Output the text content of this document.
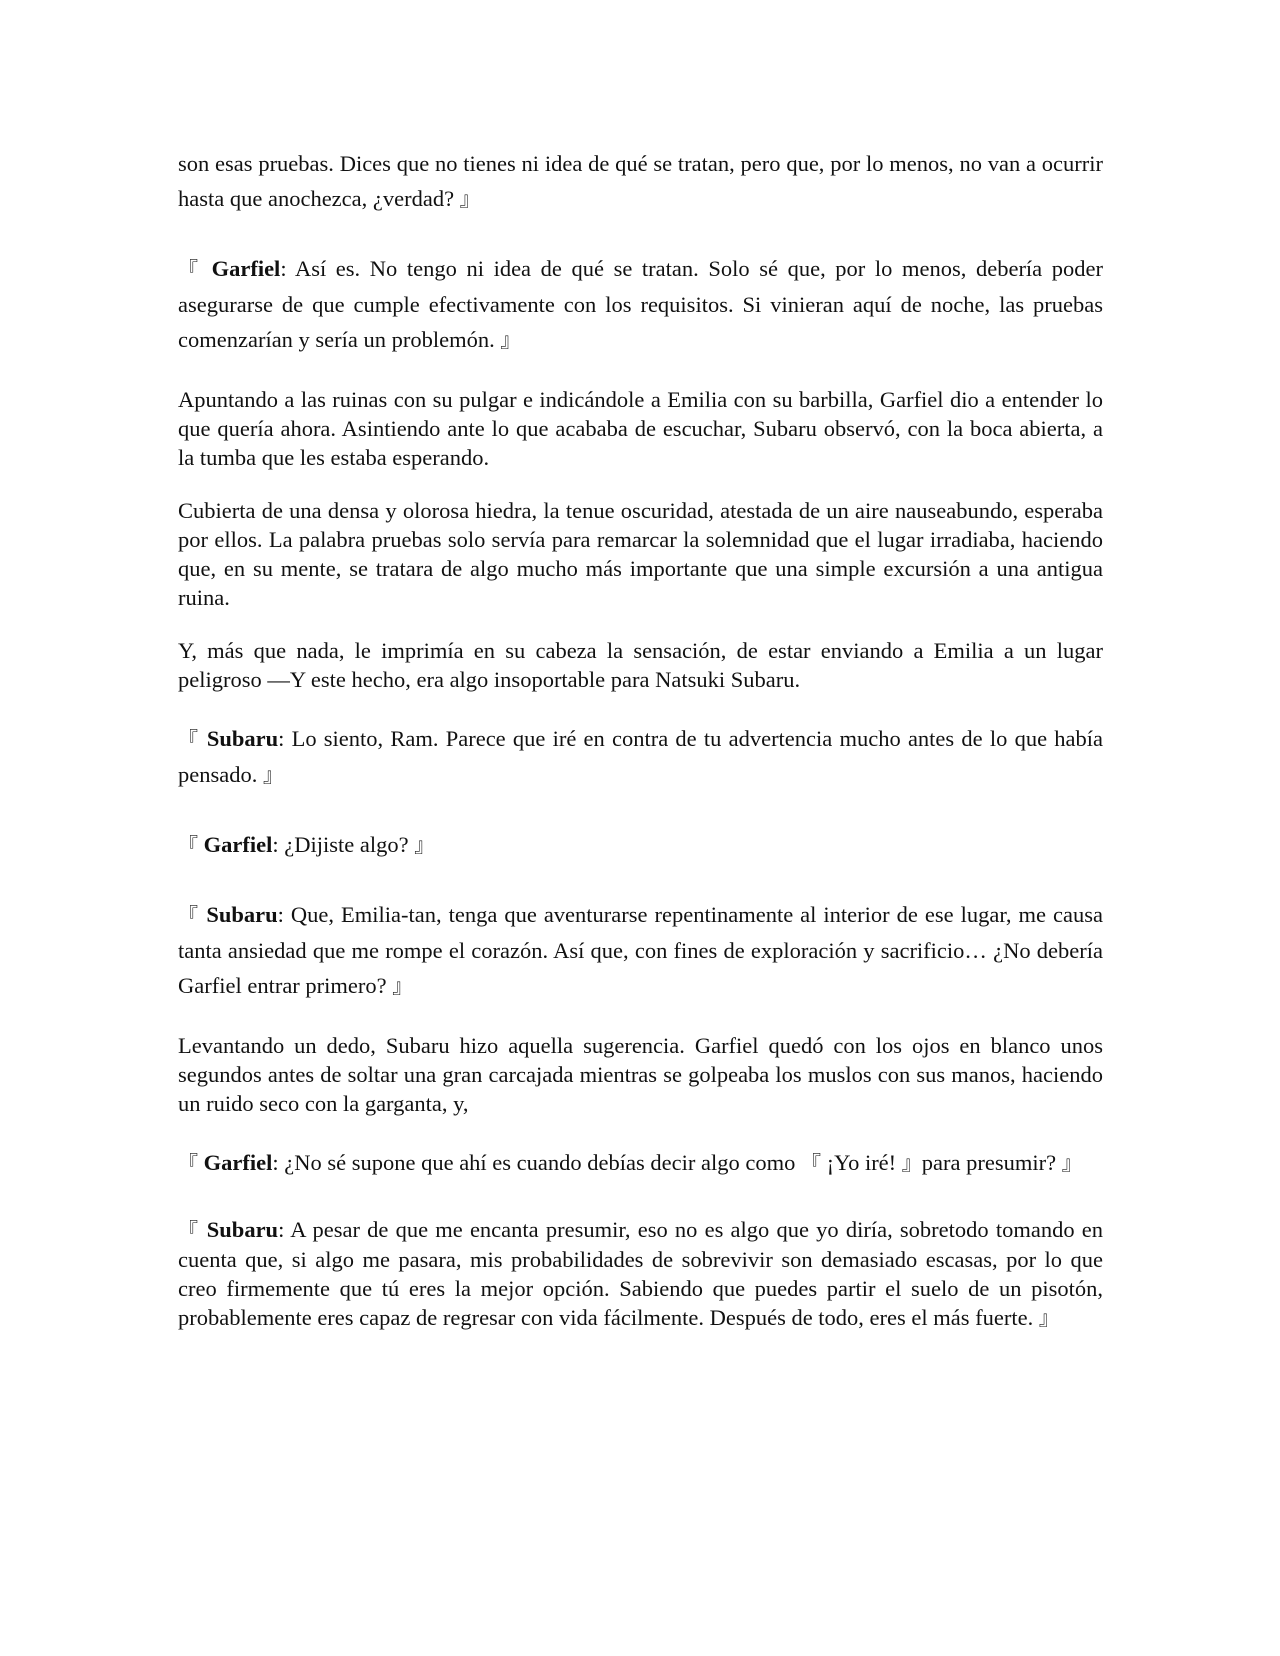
son esas pruebas. Dices que no tienes ni idea de qué se tratan, pero que, por lo menos, no van a ocurrir hasta que anochezca, ¿verdad? 』

『 Garfiel: Así es. No tengo ni idea de qué se tratan. Solo sé que, por lo menos, debería poder asegurarse de que cumple efectivamente con los requisitos. Si vinieran aquí de noche, las pruebas comenzarían y sería un problemón. 』

Apuntando a las ruinas con su pulgar e indicándole a Emilia con su barbilla, Garfiel dio a entender lo que quería ahora. Asintiendo ante lo que acababa de escuchar, Subaru observó, con la boca abierta, a la tumba que les estaba esperando.

Cubierta de una densa y olorosa hiedra, la tenue oscuridad, atestada de un aire nauseabundo, esperaba por ellos. La palabra pruebas solo servía para remarcar la solemnidad que el lugar irradiaba, haciendo que, en su mente, se tratara de algo mucho más importante que una simple excursión a una antigua ruina.

Y, más que nada, le imprimía en su cabeza la sensación, de estar enviando a Emilia a un lugar peligroso —Y este hecho, era algo insoportable para Natsuki Subaru.

『 Subaru: Lo siento, Ram. Parece que iré en contra de tu advertencia mucho antes de lo que había pensado. 』

『 Garfiel: ¿Dijiste algo? 』

『 Subaru: Que, Emilia-tan, tenga que aventurarse repentinamente al interior de ese lugar, me causa tanta ansiedad que me rompe el corazón. Así que, con fines de exploración y sacrificio… ¿No debería Garfiel entrar primero? 』

Levantando un dedo, Subaru hizo aquella sugerencia. Garfiel quedó con los ojos en blanco unos segundos antes de soltar una gran carcajada mientras se golpeaba los muslos con sus manos, haciendo un ruido seco con la garganta, y,

『 Garfiel: ¿No sé supone que ahí es cuando debías decir algo como 『 ¡Yo iré! 』para presumir? 』

『 Subaru: A pesar de que me encanta presumir, eso no es algo que yo diría, sobretodo tomando en cuenta que, si algo me pasara, mis probabilidades de sobrevivir son demasiado escasas, por lo que creo firmemente que tú eres la mejor opción. Sabiendo que puedes partir el suelo de un pisotón, probablemente eres capaz de regresar con vida fácilmente. Después de todo, eres el más fuerte. 』
